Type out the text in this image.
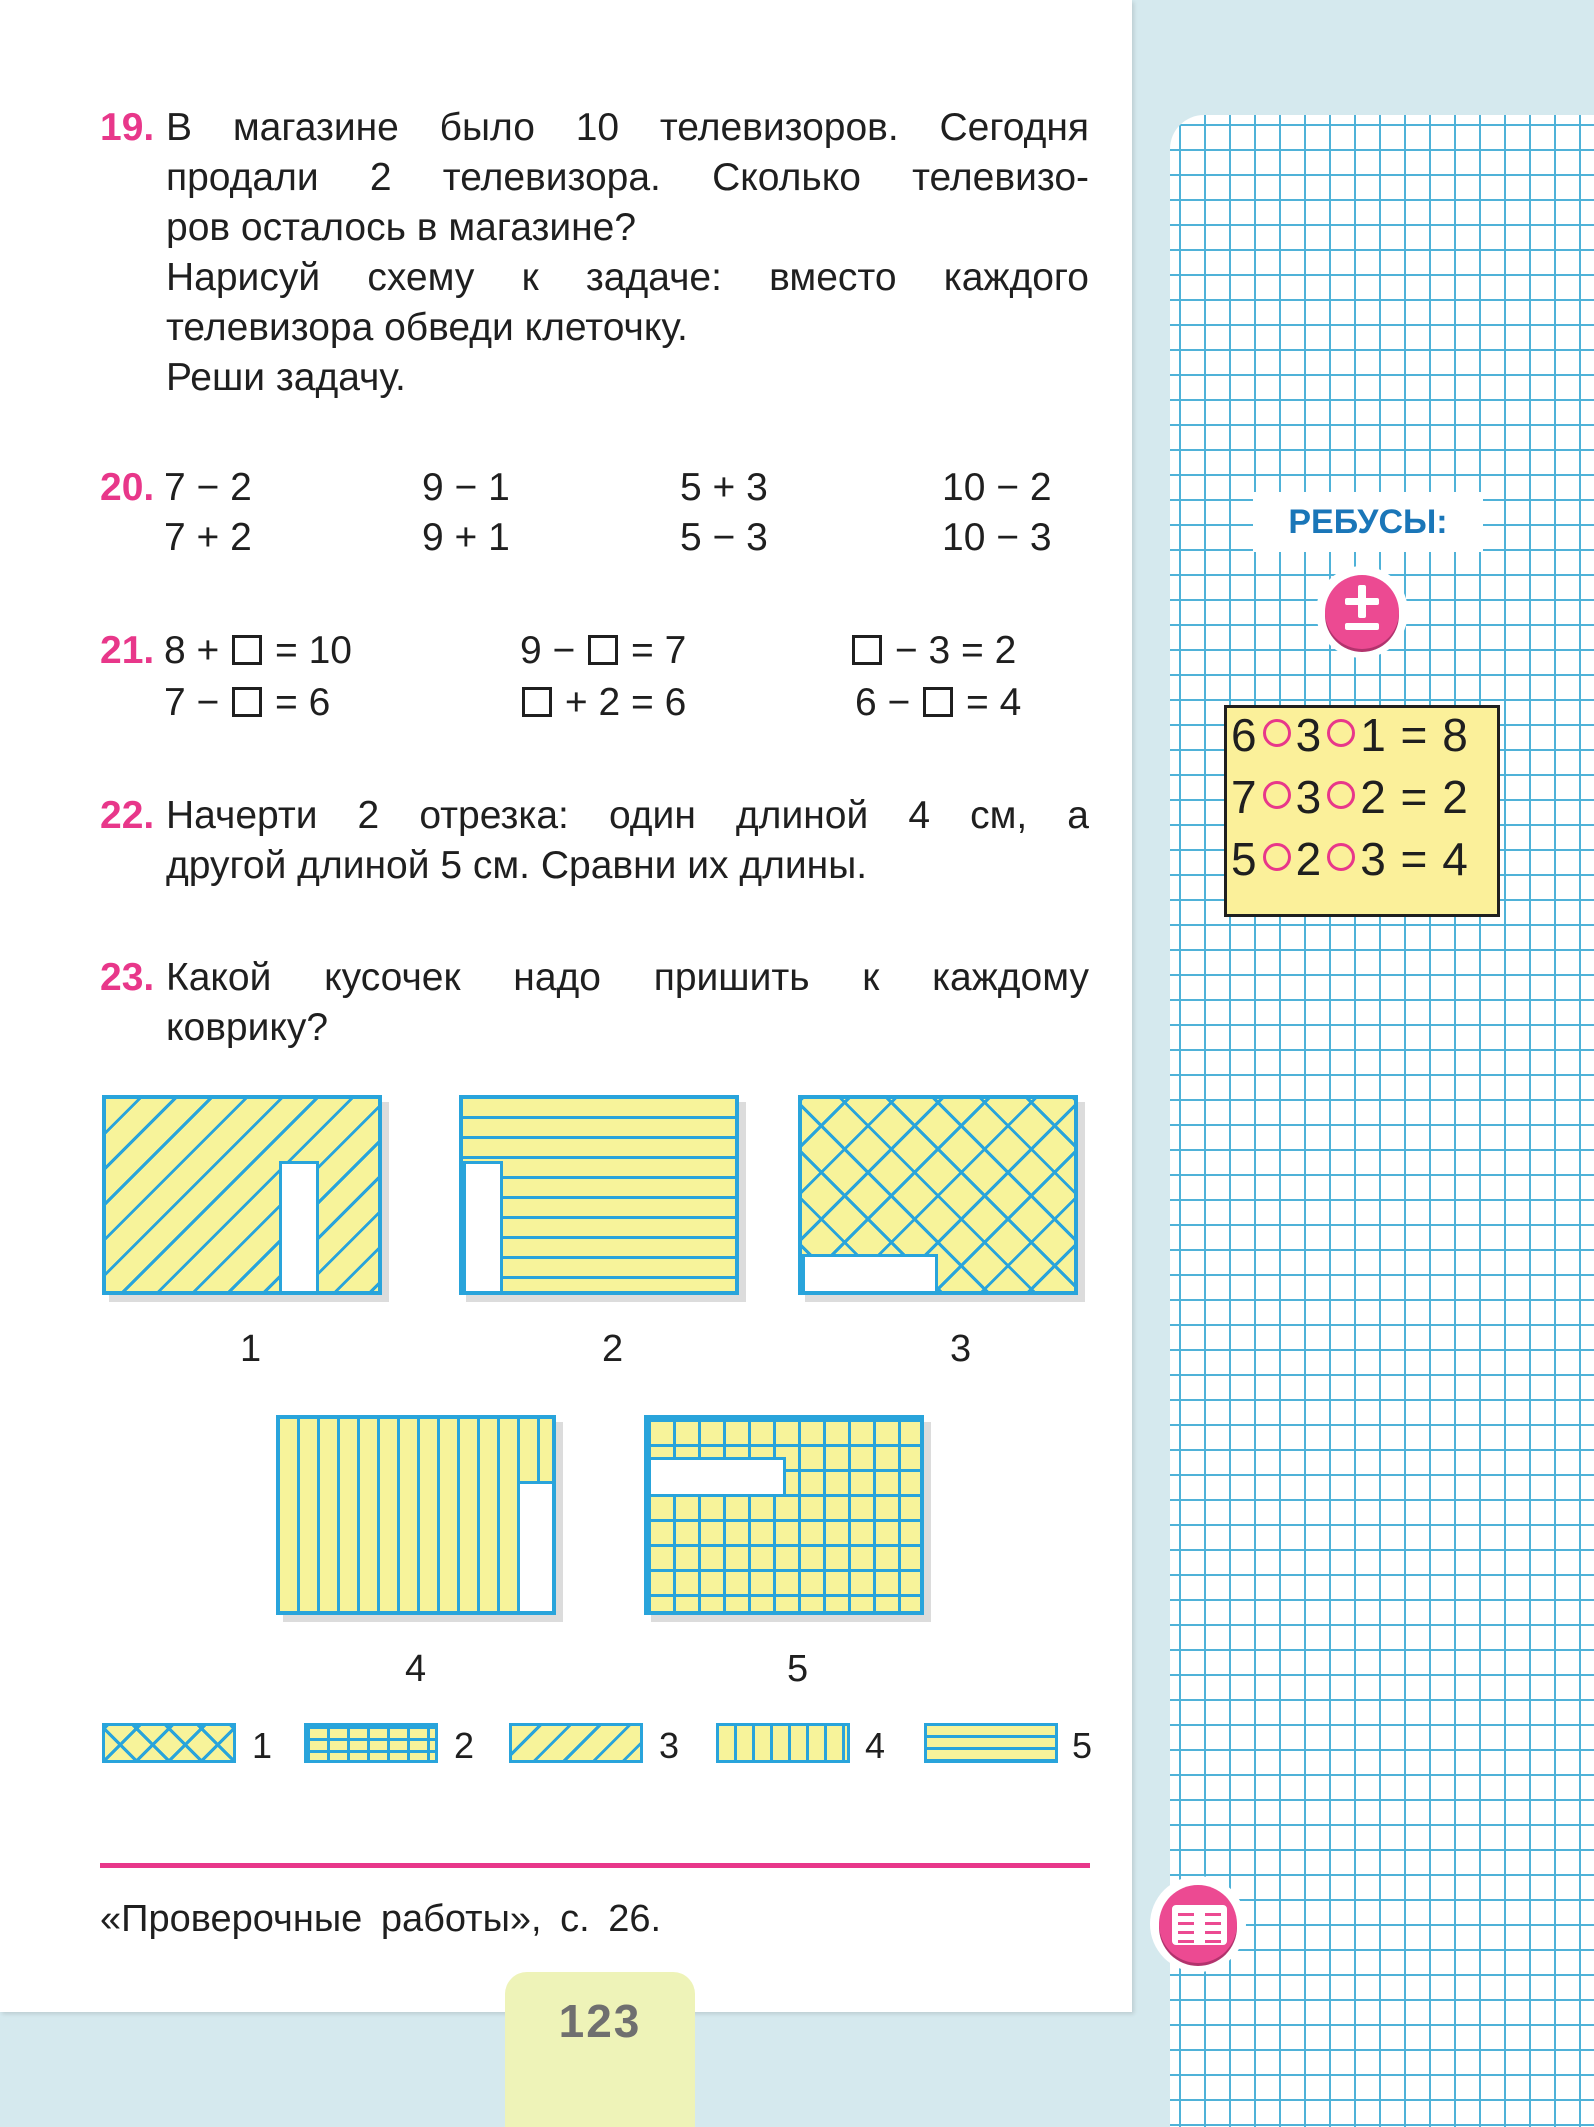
19. В магазине было 10 телевизоров. Сегодня

продали 2 телевизора. Сколько телевизо-

ров осталось в магазине?

Нарисуй схему к задаче: вместо каждого

телевизора обведи клеточку.

Реши задачу.

20. 7 − 2	9 − 1	5 + 3	10 − 2
7 + 2	9 + 1	5 − 3	10 − 3
21. 8 +  = 10	9 −  = 7	− 3 = 2
7 −  = 6	+ 2 = 6	6 −  = 4
22. Начерти 2 отрезка: один длиной 4 см, а

другой длиной 5 см. Сравни их длины.

23. Какой кусочек надо пришить к каждому

коврику?

1	2	3
4	5
1	2	3	4	5
«Проверочные работы», с. 26.
123
РЕБУСЫ:
6 3 1 = 8
7 3 2 = 2
5 2 3 = 4
